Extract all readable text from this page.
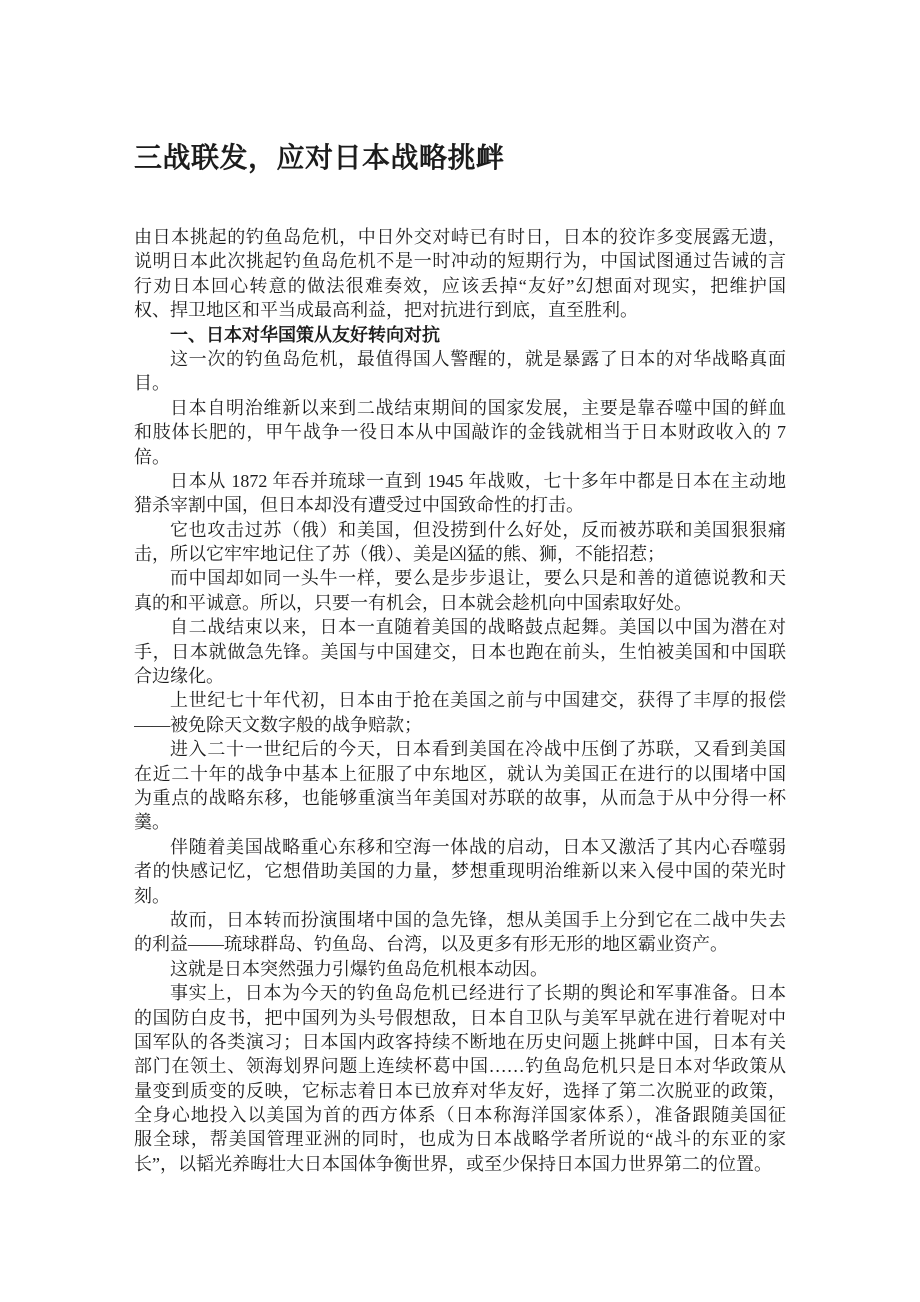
三战联发，应对日本战略挑衅

由日本挑起的钓鱼岛危机，中日外交对峙已有时日，日本的狡诈多变展露无遗，
说明日本此次挑起钓鱼岛危机不是一时冲动的短期行为，中国试图通过告诫的言
行劝日本回心转意的做法很难奏效，应该丢掉“友好”幻想面对现实，把维护国
权、捍卫地区和平当成最高利益，把对抗进行到底，直至胜利。

一、日本对华国策从友好转向对抗

这一次的钓鱼岛危机，最值得国人警醒的，就是暴露了日本的对华战略真面
目。

日本自明治维新以来到二战结束期间的国家发展，主要是靠吞噬中国的鲜血
和肢体长肥的，甲午战争一役日本从中国敲诈的金钱就相当于日本财政收入的 7
倍。

日本从 1872 年吞并琉球一直到 1945 年战败，七十多年中都是日本在主动地
猎杀宰割中国，但日本却没有遭受过中国致命性的打击。

它也攻击过苏（俄）和美国，但没捞到什么好处，反而被苏联和美国狠狠痛
击，所以它牢牢地记住了苏（俄）、美是凶猛的熊、狮，不能招惹；

而中国却如同一头牛一样，要么是步步退让，要么只是和善的道德说教和天
真的和平诚意。所以，只要一有机会，日本就会趁机向中国索取好处。

自二战结束以来，日本一直随着美国的战略鼓点起舞。美国以中国为潜在对
手，日本就做急先锋。美国与中国建交，日本也跑在前头，生怕被美国和中国联
合边缘化。

上世纪七十年代初，日本由于抢在美国之前与中国建交，获得了丰厚的报偿
——被免除天文数字般的战争赔款；

进入二十一世纪后的今天，日本看到美国在冷战中压倒了苏联，又看到美国
在近二十年的战争中基本上征服了中东地区，就认为美国正在进行的以围堵中国
为重点的战略东移，也能够重演当年美国对苏联的故事，从而急于从中分得一杯
羹。

伴随着美国战略重心东移和空海一体战的启动，日本又激活了其内心吞噬弱
者的快感记忆，它想借助美国的力量，梦想重现明治维新以来入侵中国的荣光时
刻。

故而，日本转而扮演围堵中国的急先锋，想从美国手上分到它在二战中失去
的利益——琉球群岛、钓鱼岛、台湾，以及更多有形无形的地区霸业资产。

这就是日本突然强力引爆钓鱼岛危机根本动因。

事实上，日本为今天的钓鱼岛危机已经进行了长期的舆论和军事准备。日本
的国防白皮书，把中国列为头号假想敌，日本自卫队与美军早就在进行着呢对中
国军队的各类演习；日本国内政客持续不断地在历史问题上挑衅中国，日本有关
部门在领土、领海划界问题上连续杯葛中国……钓鱼岛危机只是日本对华政策从
量变到质变的反映，它标志着日本已放弃对华友好，选择了第二次脱亚的政策，
全身心地投入以美国为首的西方体系（日本称海洋国家体系），准备跟随美国征
服全球，帮美国管理亚洲的同时，也成为日本战略学者所说的“战斗的东亚的家
长”，以韬光养晦壮大日本国体争衡世界，或至少保持日本国力世界第二的位置。
